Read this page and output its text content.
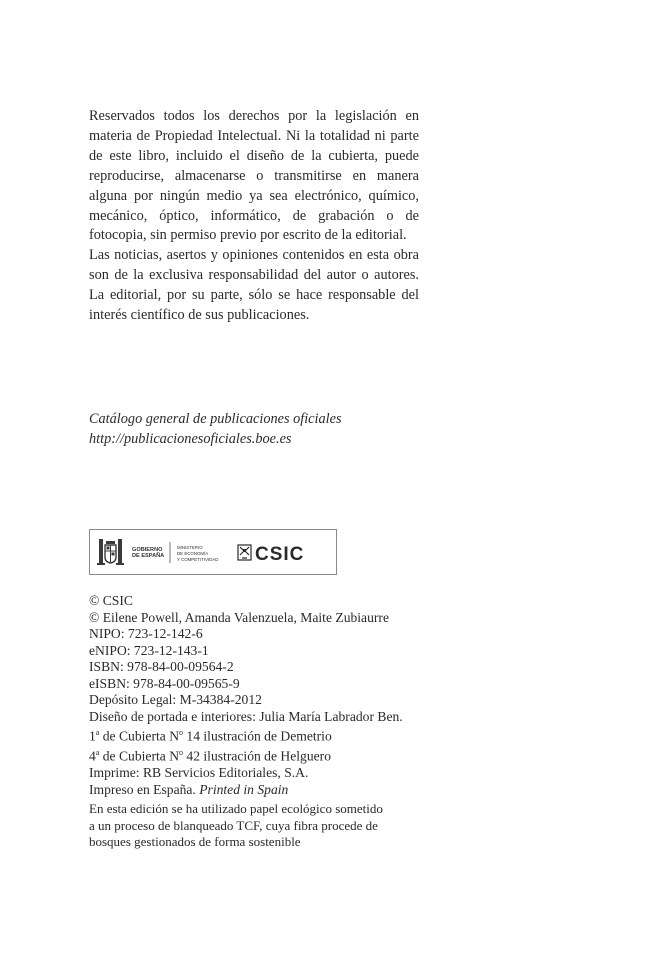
Reservados todos los derechos por la legislación en materia de Propiedad Intelectual. Ni la totalidad ni parte de este libro, incluido el diseño de la cubierta, puede reproducirse, almacenarse o transmitirse en manera alguna por ningún medio ya sea electrónico, químico, mecánico, óptico, informático, de grabación o de fotocopia, sin permiso previo por escrito de la editorial.

Las noticias, asertos y opiniones contenidos en esta obra son de la exclusiva responsabilidad del autor o autores. La editorial, por su parte, sólo se hace responsable del interés científico de sus publicaciones.

Catálogo general de publicaciones oficiales
http://publicacionesoficiales.boe.es
GOBIERNO
DE ESPAÑA
MINISTERIO
DE ECONOMÍA
Y COMPETITIVIDAD CSIC
© CSIC
© Eilene Powell, Amanda Valenzuela, Maite Zubiaurre
NIPO: 723-12-142-6
eNIPO: 723-12-143-1
ISBN: 978-84-00-09564-2
eISBN: 978-84-00-09565-9
Depósito Legal: M-34384-2012
Diseño de portada e interiores: Julia María Labrador Ben.
1$^a$ de Cubierta $N^o$ 14 ilustración de Demetrio
4$^a$ de Cubierta $N^o$ 42 ilustración de Helguero
Imprime: RB Servicios Editoriales, S.A.
Impreso en España. Printed in Spain
En esta edición se ha utilizado papel ecológico sometido
a un proceso de blanqueado TCF, cuya fibra procede de
bosques gestionados de forma sostenible
